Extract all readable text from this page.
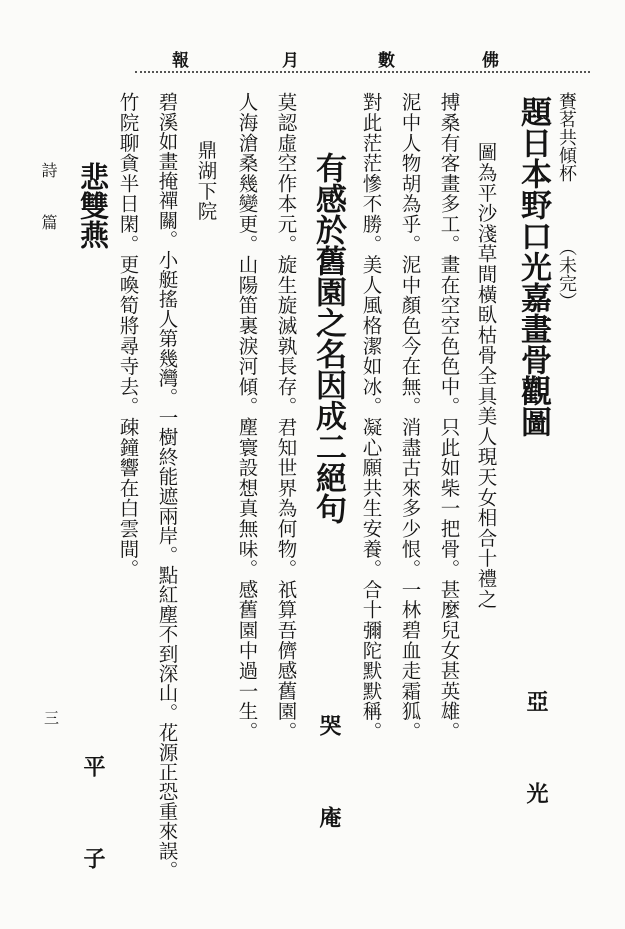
報	月	數	佛
賚茗共傾杯
（未完）
題日本野口光嘉畫骨觀圖
亞　光
圖為平沙淺草間橫臥枯骨全具美人現天女相合十禮之
搏桑有客畫多工。畫在空空色色中。只此如柴一把骨。甚麼兒女甚英雄。
泥中人物胡為乎。泥中顏色今在無。消盡古來多少恨。一林碧血走霜狐。
對此茫茫慘不勝。美人風格潔如冰。凝心願共生安養。合十彌陀默默稱。
有感於舊園之名因成二絕句
哭　庵
莫認虛空作本元。旋生旋滅孰長存。君知世界為何物。祇算吾儕感舊園。
人海滄桑幾變更。山陽笛裏淚河傾。塵寰設想真無味。感舊園中過一生。
鼎湖下院
碧溪如畫掩禪關。小艇搖人第幾灣。一樹終能遮兩岸。點紅塵不到深山。花源正恐重來誤。
竹院聊貪半日閑。更喚筍將尋寺去。疎鐘響在白雲間。
悲雙燕
平　子
詩　篇
三
